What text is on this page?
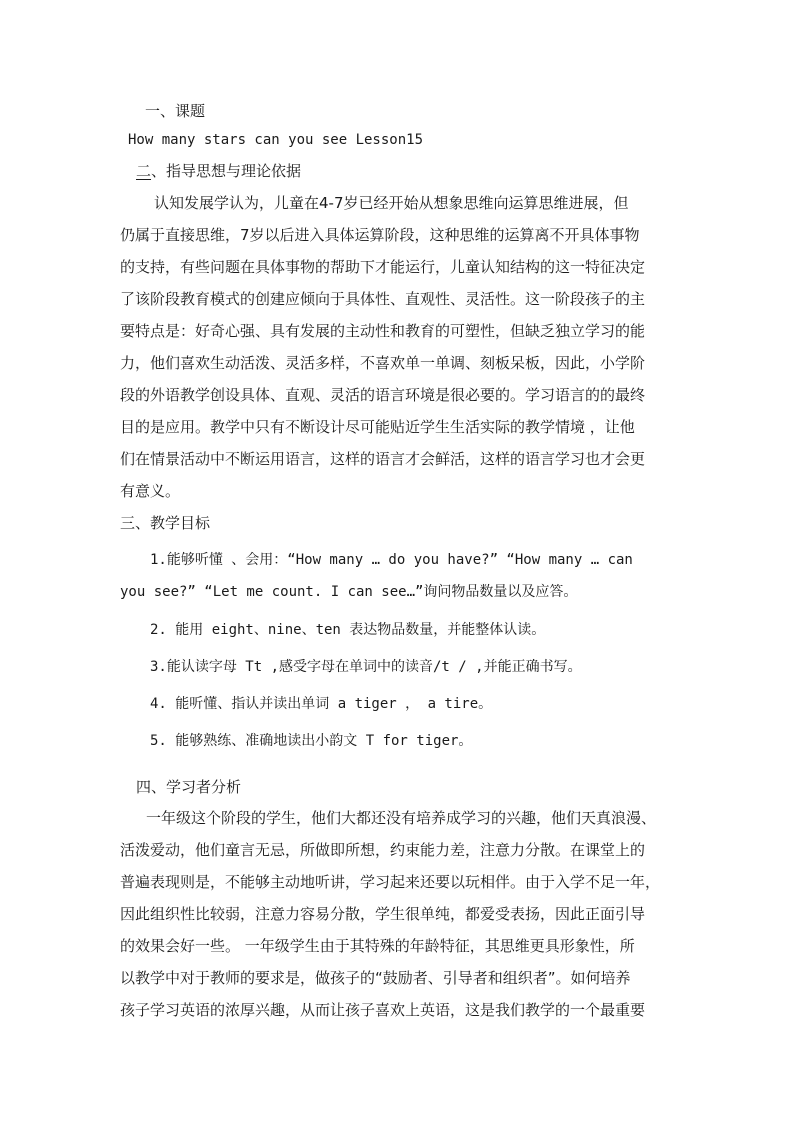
一、课题
How many stars can you see Lesson15
二、指导思想与理论依据
认知发展学认为，儿童在4-7岁已经开始从想象思维向运算思维进展，但
仍属于直接思维，7岁以后进入具体运算阶段，这种思维的运算离不开具体事物
的支持，有些问题在具体事物的帮助下才能运行，儿童认知结构的这一特征决定
了该阶段教育模式的创建应倾向于具体性、直观性、灵活性。这一阶段孩子的主
要特点是：好奇心强、具有发展的主动性和教育的可塑性，但缺乏独立学习的能
力，他们喜欢生动活泼、灵活多样，不喜欢单一单调、刻板呆板，因此，小学阶
段的外语教学创设具体、直观、灵活的语言环境是很必要的。学习语言的的最终
目的是应用。教学中只有不断设计尽可能贴近学生生活实际的教学情境 ，让他
们在情景活动中不断运用语言，这样的语言才会鲜活，这样的语言学习也才会更
有意义。
三、教学目标
1.能够听懂 、会用：“How many … do you have?” “How many … can
you see?” “Let me count. I can see…”询问物品数量以及应答。
2. 能用 eight、nine、ten 表达物品数量，并能整体认读。
3.能认读字母 Tt ,感受字母在单词中的读音/t / ,并能正确书写。
4. 能听懂、指认并读出单词 a tiger ， a tire。
5. 能够熟练、准确地读出小韵文 T for tiger。
四、学习者分析
一年级这个阶段的学生，他们大都还没有培养成学习的兴趣，他们天真浪漫、
活泼爱动，他们童言无忌，所做即所想，约束能力差，注意力分散。在课堂上的
普遍表现则是，不能够主动地听讲，学习起来还要以玩相伴。由于入学不足一年，
因此组织性比较弱，注意力容易分散，学生很单纯，都爱受表扬，因此正面引导
的效果会好一些。 一年级学生由于其特殊的年龄特征，其思维更具形象性，所
以教学中对于教师的要求是，做孩子的“鼓励者、引导者和组织者”。如何培养
孩子学习英语的浓厚兴趣，从而让孩子喜欢上英语，这是我们教学的一个最重要
